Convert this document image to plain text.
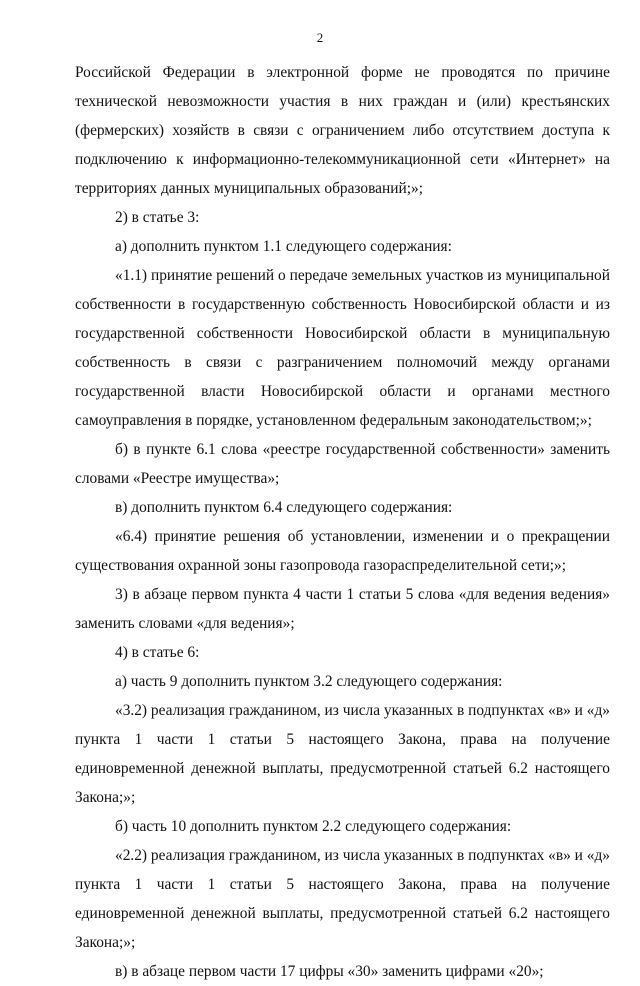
2

Российской Федерации в электронной форме не проводятся по причине технической невозможности участия в них граждан и (или) крестьянских (фермерских) хозяйств в связи с ограничением либо отсутствием доступа к подключению к информационно-телекоммуникационной сети «Интернет» на территориях данных муниципальных образований;»;

2) в статье 3:

а) дополнить пунктом 1.1 следующего содержания:

«1.1) принятие решений о передаче земельных участков из муниципальной собственности в государственную собственность Новосибирской области и из государственной собственности Новосибирской области в муниципальную собственность в связи с разграничением полномочий между органами государственной власти Новосибирской области и органами местного самоуправления в порядке, установленном федеральным законодательством;»;

б) в пункте 6.1 слова «реестре государственной собственности» заменить словами «Реестре имущества»;

в) дополнить пунктом 6.4 следующего содержания:

«6.4) принятие решения об установлении, изменении и о прекращении существования охранной зоны газопровода газораспределительной сети;»;

3) в абзаце первом пункта 4 части 1 статьи 5 слова «для ведения ведения» заменить словами «для ведения»;

4) в статье 6:

а) часть 9 дополнить пунктом 3.2 следующего содержания:

«3.2) реализация гражданином, из числа указанных в подпунктах «в» и «д» пункта 1 части 1 статьи 5 настоящего Закона, права на получение единовременной денежной выплаты, предусмотренной статьей 6.2 настоящего Закона;»;

б) часть 10 дополнить пунктом 2.2 следующего содержания:

«2.2) реализация гражданином, из числа указанных в подпунктах «в» и «д» пункта 1 части 1 статьи 5 настоящего Закона, права на получение единовременной денежной выплаты, предусмотренной статьей 6.2 настоящего Закона;»;

в) в абзаце первом части 17 цифры «30» заменить цифрами «20»;
